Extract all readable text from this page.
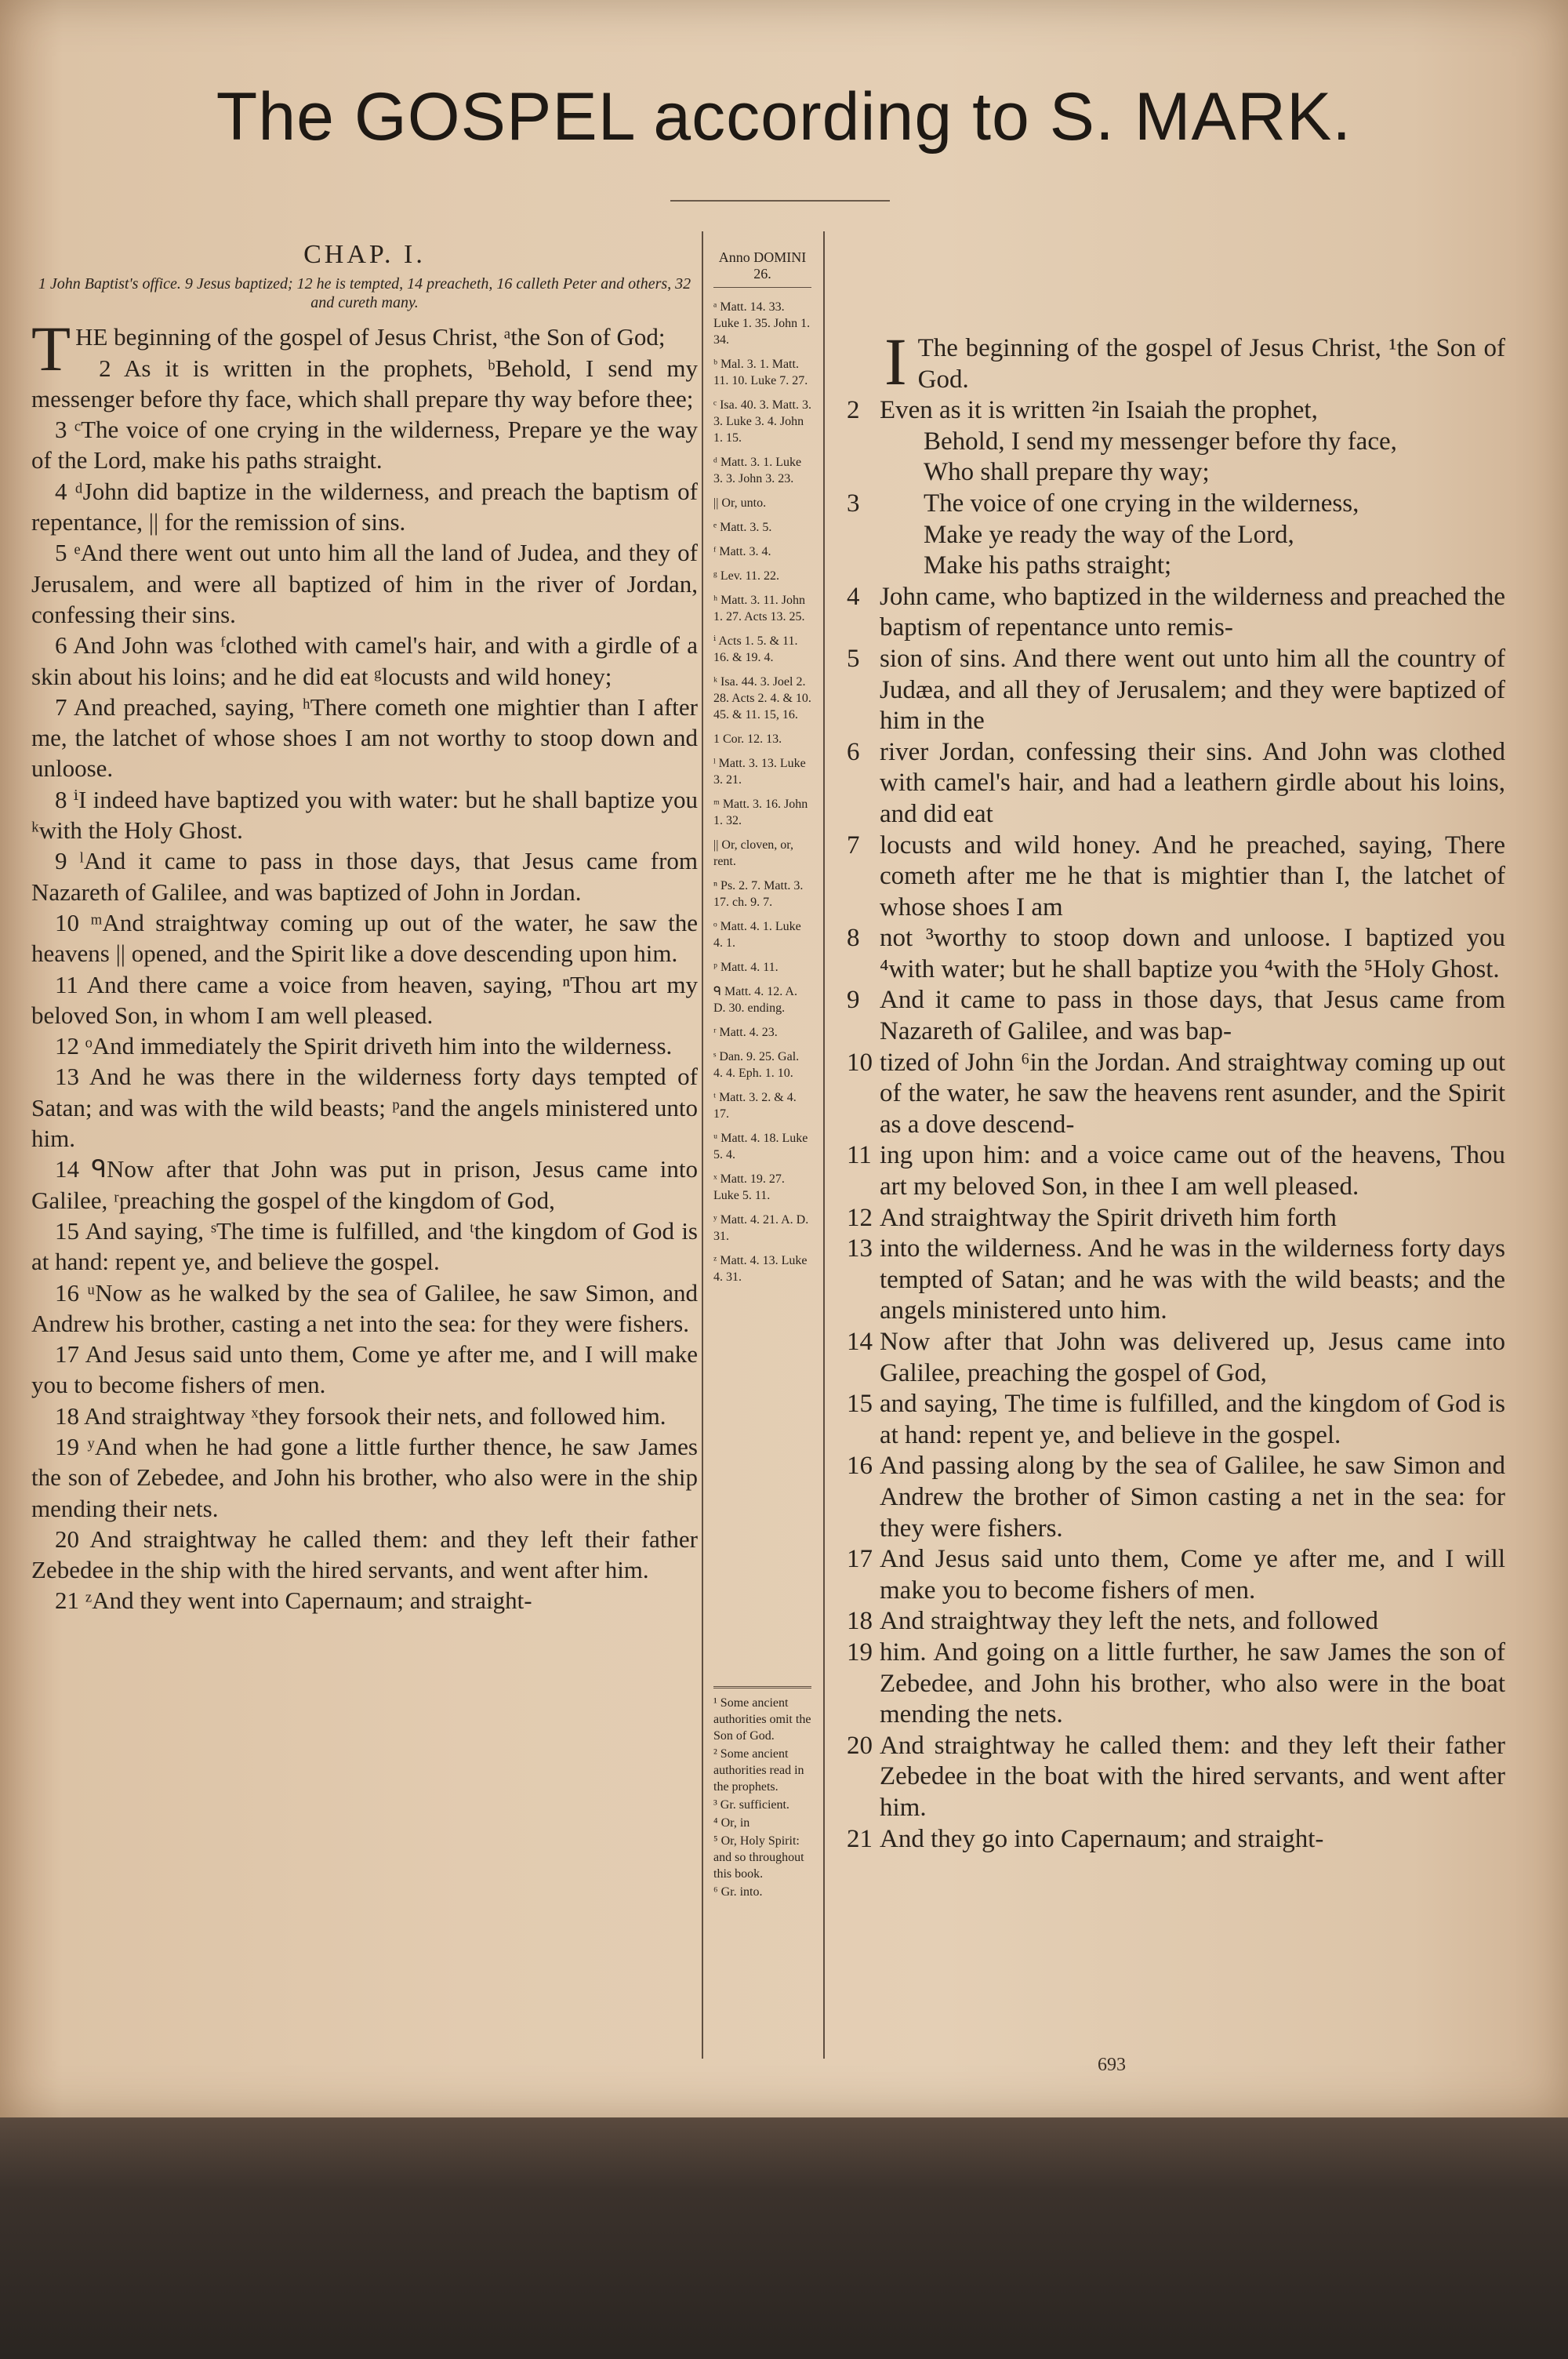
The GOSPEL according to S. MARK.
CHAP. I.
1 John Baptist's office. 9 Jesus baptized; 12 he is tempted, 14 preacheth, 16 calleth Peter and others, 32 and cureth many.

THE beginning of the gospel of Jesus Christ, ᵃthe Son of God;

2 As it is written in the prophets, ᵇBehold, I send my messenger before thy face, which shall prepare thy way before thee;

3 ᶜThe voice of one crying in the wilderness, Prepare ye the way of the Lord, make his paths straight.

4 ᵈJohn did baptize in the wilderness, and preach the baptism of repentance, || for the remission of sins.

5 ᵉAnd there went out unto him all the land of Judea, and they of Jerusalem, and were all baptized of him in the river of Jordan, confessing their sins.

6 And John was ᶠclothed with camel's hair, and with a girdle of a skin about his loins; and he did eat ᵍlocusts and wild honey;

7 And preached, saying, ʰThere cometh one mightier than I after me, the latchet of whose shoes I am not worthy to stoop down and unloose.

8 ⁱI indeed have baptized you with water: but he shall baptize you ᵏwith the Holy Ghost.

9 ˡAnd it came to pass in those days, that Jesus came from Nazareth of Galilee, and was baptized of John in Jordan.

10 ᵐAnd straightway coming up out of the water, he saw the heavens || opened, and the Spirit like a dove descending upon him.

11 And there came a voice from heaven, saying, ⁿThou art my beloved Son, in whom I am well pleased.

12 ᵒAnd immediately the Spirit driveth him into the wilderness.

13 And he was there in the wilderness forty days tempted of Satan; and was with the wild beasts; ᵖand the angels ministered unto him.

14 ᑫNow after that John was put in prison, Jesus came into Galilee, ʳpreaching the gospel of the kingdom of God,

15 And saying, ˢThe time is fulfilled, and ᵗthe kingdom of God is at hand: repent ye, and believe the gospel.

16 ᵘNow as he walked by the sea of Galilee, he saw Simon, and Andrew his brother, casting a net into the sea: for they were fishers.

17 And Jesus said unto them, Come ye after me, and I will make you to become fishers of men.

18 And straightway ˣthey forsook their nets, and followed him.

19 ʸAnd when he had gone a little further thence, he saw James the son of Zebedee, and John his brother, who also were in the ship mending their nets.

20 And straightway he called them: and they left their father Zebedee in the ship with the hired servants, and went after him.

21 ᶻAnd they went into Capernaum; and straight-

Anno DOMINI 26.
ᵃ Matt. 14. 33. Luke 1. 35. John 1. 34.
ᵇ Mal. 3. 1. Matt. 11. 10. Luke 7. 27.
ᶜ Isa. 40. 3. Matt. 3. 3. Luke 3. 4. John 1. 15.
ᵈ Matt. 3. 1. Luke 3. 3. John 3. 23.
|| Or, unto.
ᵉ Matt. 3. 5.
ᶠ Matt. 3. 4.
ᵍ Lev. 11. 22.
ʰ Matt. 3. 11. John 1. 27. Acts 13. 25.
ⁱ Acts 1. 5. & 11. 16. & 19. 4.
ᵏ Isa. 44. 3. Joel 2. 28. Acts 2. 4. & 10. 45. & 11. 15, 16.
1 Cor. 12. 13.
ˡ Matt. 3. 13. Luke 3. 21.
ᵐ Matt. 3. 16. John 1. 32.
|| Or, cloven, or, rent.
ⁿ Ps. 2. 7. Matt. 3. 17. ch. 9. 7.
ᵒ Matt. 4. 1. Luke 4. 1.
ᵖ Matt. 4. 11.
ᑫ Matt. 4. 12. A. D. 30. ending.
ʳ Matt. 4. 23.
ˢ Dan. 9. 25. Gal. 4. 4. Eph. 1. 10.
ᵗ Matt. 3. 2. & 4. 17.
ᵘ Matt. 4. 18. Luke 5. 4.
ˣ Matt. 19. 27. Luke 5. 11.
ʸ Matt. 4. 21. A. D. 31.
ᶻ Matt. 4. 13. Luke 4. 31.
¹ Some ancient authorities omit the Son of God.
² Some ancient authorities read in the prophets.
³ Gr. sufficient.
⁴ Or, in
⁵ Or, Holy Spirit: and so throughout this book.
⁶ Gr. into.
I The beginning of the gospel of Jesus Christ, ¹the Son of God.
2 Even as it is written ²in Isaiah the prophet,
Behold, I send my messenger before thy face,
Who shall prepare thy way;
3	The voice of one crying in the wilderness,
Make ye ready the way of the Lord,
Make his paths straight;
4 John came, who baptized in the wilderness and preached the baptism of repentance unto remis-
5 sion of sins. And there went out unto him all the country of Judæa, and all they of Jerusalem; and they were baptized of him in the
6 river Jordan, confessing their sins. And John was clothed with camel's hair, and had a leathern girdle about his loins, and did eat
7 locusts and wild honey. And he preached, saying, There cometh after me he that is mightier than I, the latchet of whose shoes I am
8 not ³worthy to stoop down and unloose. I baptized you ⁴with water; but he shall baptize you ⁴with the ⁵Holy Ghost.
9 And it came to pass in those days, that Jesus came from Nazareth of Galilee, and was bap-
10 tized of John ⁶in the Jordan. And straightway coming up out of the water, he saw the heavens rent asunder, and the Spirit as a dove descend-
11 ing upon him: and a voice came out of the heavens, Thou art my beloved Son, in thee I am well pleased.
12 And straightway the Spirit driveth him forth
13 into the wilderness. And he was in the wilderness forty days tempted of Satan; and he was with the wild beasts; and the angels ministered unto him.
14 Now after that John was delivered up, Jesus came into Galilee, preaching the gospel of God,
15 and saying, The time is fulfilled, and the kingdom of God is at hand: repent ye, and believe in the gospel.
16 And passing along by the sea of Galilee, he saw Simon and Andrew the brother of Simon casting a net in the sea: for they were fishers.
17 And Jesus said unto them, Come ye after me, and I will make you to become fishers of men.
18 And straightway they left the nets, and followed
19 him. And going on a little further, he saw James the son of Zebedee, and John his brother, who also were in the boat mending the nets.
20 And straightway he called them: and they left their father Zebedee in the boat with the hired servants, and went after him.
21 And they go into Capernaum; and straight-
693
